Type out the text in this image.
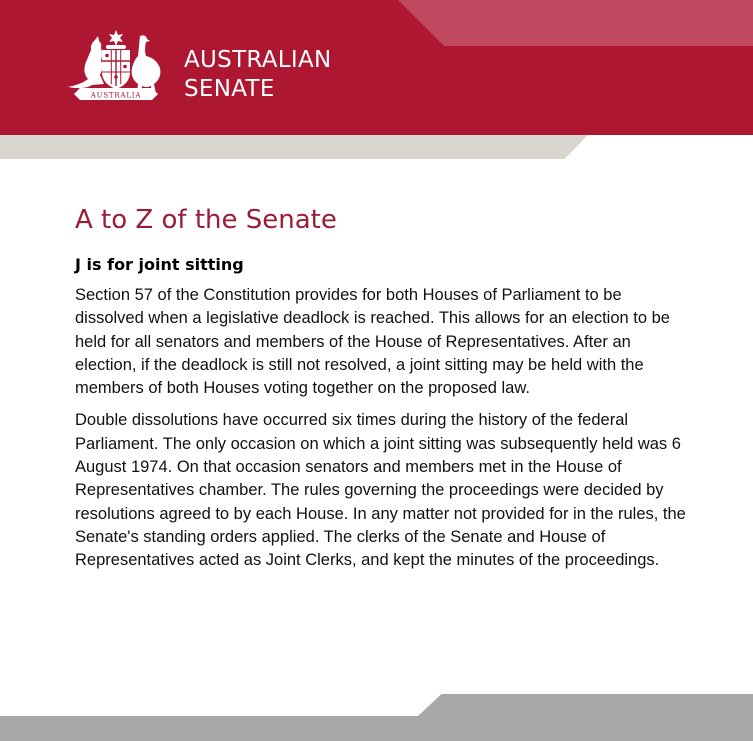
AUSTRALIA
AUSTRALIAN
SENATE
A to Z of the Senate
J is for joint sitting

Section 57 of the Constitution provides for both Houses of Parliament to be dissolved when a legislative deadlock is reached. This allows for an election to be held for all senators and members of the House of Representatives. After an election, if the deadlock is still not resolved, a joint sitting may be held with the members of both Houses voting together on the proposed law.

Double dissolutions have occurred six times during the history of the federal Parliament. The only occasion on which a joint sitting was subsequently held was 6 August 1974. On that occasion senators and members met in the House of Representatives chamber. The rules governing the proceedings were decided by resolutions agreed to by each House. In any matter not provided for in the rules, the Senate's standing orders applied. The clerks of the Senate and House of Representatives acted as Joint Clerks, and kept the minutes of the proceedings.
